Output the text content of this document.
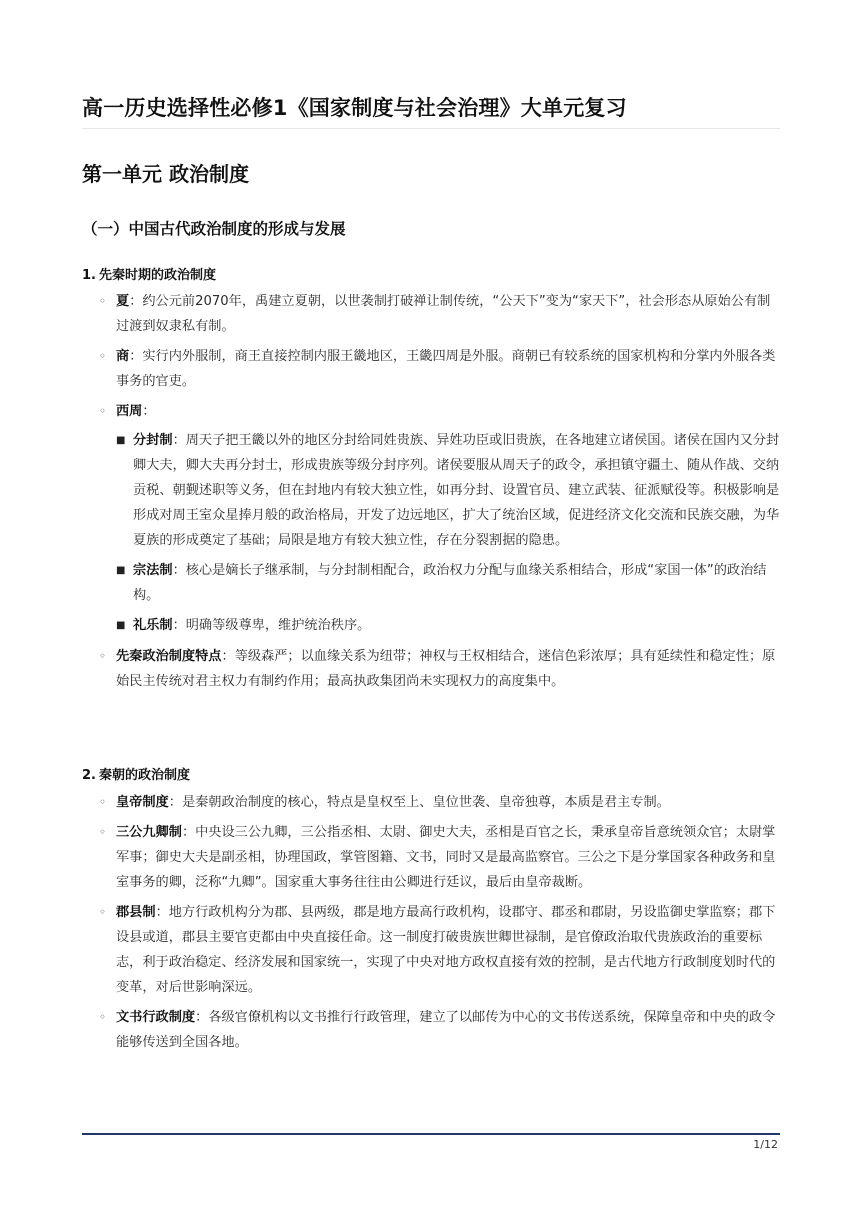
高一历史选择性必修1《国家制度与社会治理》大单元复习
第一单元 政治制度
（一）中国古代政治制度的形成与发展
1. 先秦时期的政治制度
◦ 夏：约公元前2070年，禹建立夏朝，以世袭制打破禅让制传统，“公天下”变为“家天下”，社会形态从原始公有制过渡到奴隶私有制。
◦ 商：实行内外服制，商王直接控制内服王畿地区，王畿四周是外服。商朝已有较系统的国家机构和分掌内外服各类事务的官吏。
◦ 西周：
■ 分封制：周天子把王畿以外的地区分封给同姓贵族、异姓功臣或旧贵族，在各地建立诸侯国。诸侯在国内又分封卿大夫，卿大夫再分封士，形成贵族等级分封序列。诸侯要服从周天子的政令，承担镇守疆土、随从作战、交纳贡税、朝觐述职等义务，但在封地内有较大独立性，如再分封、设置官员、建立武装、征派赋役等。积极影响是形成对周王室众星捧月般的政治格局，开发了边远地区，扩大了统治区域，促进经济文化交流和民族交融，为华夏族的形成奠定了基础；局限是地方有较大独立性，存在分裂割据的隐患。
■ 宗法制：核心是嫡长子继承制，与分封制相配合，政治权力分配与血缘关系相结合，形成“家国一体”的政治结构。
■ 礼乐制：明确等级尊卑，维护统治秩序。
◦ 先秦政治制度特点：等级森严；以血缘关系为纽带；神权与王权相结合，迷信色彩浓厚；具有延续性和稳定性；原始民主传统对君主权力有制约作用；最高执政集团尚未实现权力的高度集中。
2. 秦朝的政治制度
◦ 皇帝制度：是秦朝政治制度的核心，特点是皇权至上、皇位世袭、皇帝独尊，本质是君主专制。
◦ 三公九卿制：中央设三公九卿，三公指丞相、太尉、御史大夫，丞相是百官之长，秉承皇帝旨意统领众官；太尉掌军事；御史大夫是副丞相，协理国政，掌管图籍、文书，同时又是最高监察官。三公之下是分掌国家各种政务和皇室事务的卿，泛称“九卿”。国家重大事务往往由公卿进行廷议，最后由皇帝裁断。
◦ 郡县制：地方行政机构分为郡、县两级，郡是地方最高行政机构，设郡守、郡丞和郡尉，另设监御史掌监察；郡下设县或道，郡县主要官吏都由中央直接任命。这一制度打破贵族世卿世禄制，是官僚政治取代贵族政治的重要标志，利于政治稳定、经济发展和国家统一，实现了中央对地方政权直接有效的控制，是古代地方行政制度划时代的变革，对后世影响深远。
◦ 文书行政制度：各级官僚机构以文书推行行政管理，建立了以邮传为中心的文书传送系统，保障皇帝和中央的政令能够传送到全国各地。
1/12
